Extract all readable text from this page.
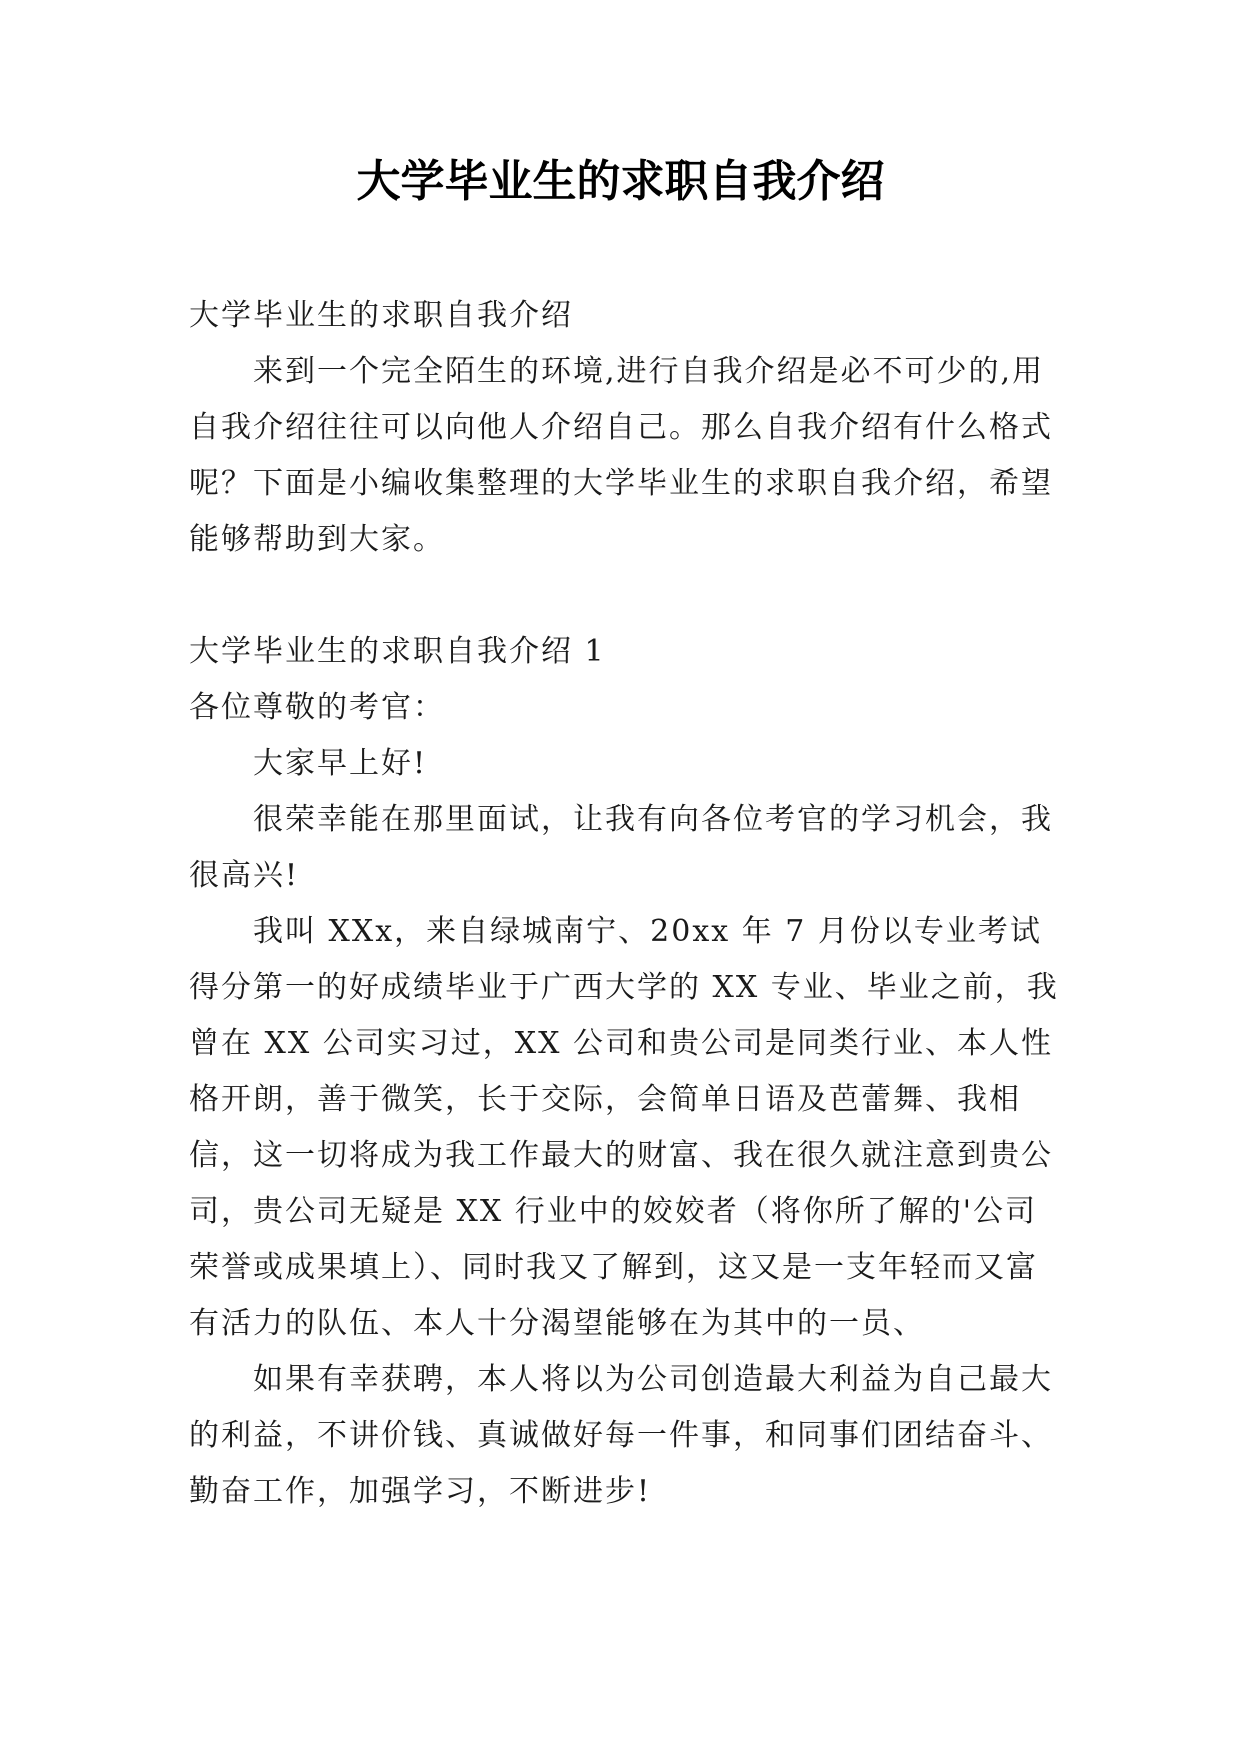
大学毕业生的求职自我介绍

大学毕业生的求职自我介绍

来到一个完全陌生的环境,进行自我介绍是必不可少的,用自我介绍往往可以向他人介绍自己。那么自我介绍有什么格式呢？下面是小编收集整理的大学毕业生的求职自我介绍，希望能够帮助到大家。

大学毕业生的求职自我介绍 1

各位尊敬的考官：

大家早上好!

很荣幸能在那里面试，让我有向各位考官的学习机会，我很高兴!

我叫 XXx，来自绿城南宁、20xx 年 7 月份以专业考试得分第一的好成绩毕业于广西大学的 XX 专业、毕业之前，我曾在 XX 公司实习过，XX 公司和贵公司是同类行业、本人性格开朗，善于微笑，长于交际，会简单日语及芭蕾舞、我相信，这一切将成为我工作最大的财富、我在很久就注意到贵公司，贵公司无疑是 XX 行业中的姣姣者（将你所了解的'公司荣誉或成果填上）、同时我又了解到，这又是一支年轻而又富有活力的队伍、本人十分渴望能够在为其中的一员、

如果有幸获聘，本人将以为公司创造最大利益为自己最大的利益，不讲价钱、真诚做好每一件事，和同事们团结奋斗、勤奋工作，加强学习，不断进步!
